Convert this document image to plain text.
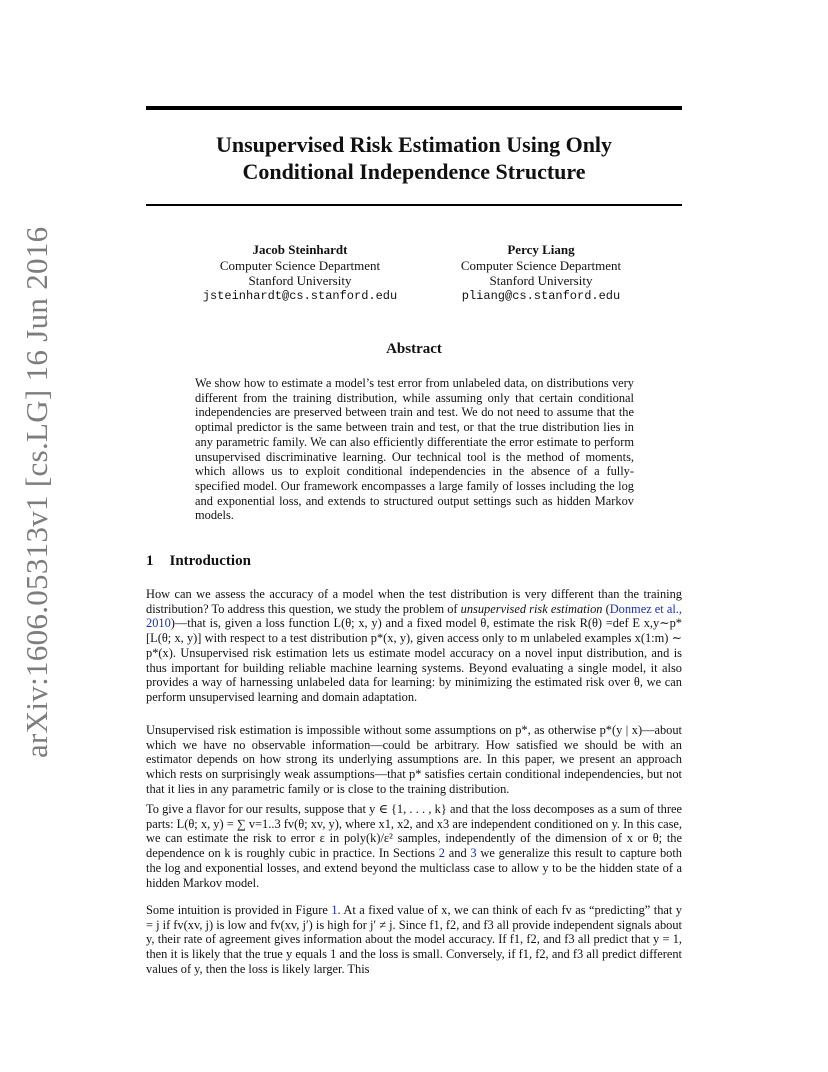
arXiv:1606.05313v1 [cs.LG] 16 Jun 2016
Unsupervised Risk Estimation Using Only
Conditional Independence Structure
Jacob Steinhardt
Computer Science Department
Stanford University
jsteinhardt@cs.stanford.edu
Percy Liang
Computer Science Department
Stanford University
pliang@cs.stanford.edu
Abstract
We show how to estimate a model’s test error from unlabeled data, on distributions very different from the training distribution, while assuming only that certain conditional independencies are preserved between train and test. We do not need to assume that the optimal predictor is the same between train and test, or that the true distribution lies in any parametric family. We can also efficiently differentiate the error estimate to perform unsupervised discriminative learning. Our technical tool is the method of moments, which allows us to exploit conditional independencies in the absence of a fully-specified model. Our framework encompasses a large family of losses including the log and exponential loss, and extends to structured output settings such as hidden Markov models.
1 Introduction
How can we assess the accuracy of a model when the test distribution is very different than the training distribution? To address this question, we study the problem of unsupervised risk estimation (Donmez et al., 2010)—that is, given a loss function L(θ; x, y) and a fixed model θ, estimate the risk R(θ) =def E x,y∼p* [L(θ; x, y)] with respect to a test distribution p*(x, y), given access only to m unlabeled examples x(1:m) ∼ p*(x). Unsupervised risk estimation lets us estimate model accuracy on a novel input distribution, and is thus important for building reliable machine learning systems. Beyond evaluating a single model, it also provides a way of harnessing unlabeled data for learning: by minimizing the estimated risk over θ, we can perform unsupervised learning and domain adaptation.
Unsupervised risk estimation is impossible without some assumptions on p*, as otherwise p*(y | x)—about which we have no observable information—could be arbitrary. How satisfied we should be with an estimator depends on how strong its underlying assumptions are. In this paper, we present an approach which rests on surprisingly weak assumptions—that p* satisfies certain conditional independencies, but not that it lies in any parametric family or is close to the training distribution.
To give a flavor for our results, suppose that y ∈ {1, . . . , k} and that the loss decomposes as a sum of three parts: L(θ; x, y) = ∑ v=1..3 fv(θ; xv, y), where x1, x2, and x3 are independent conditioned on y. In this case, we can estimate the risk to error ε in poly(k)/ε² samples, independently of the dimension of x or θ; the dependence on k is roughly cubic in practice. In Sections 2 and 3 we generalize this result to capture both the log and exponential losses, and extend beyond the multiclass case to allow y to be the hidden state of a hidden Markov model.
Some intuition is provided in Figure 1. At a fixed value of x, we can think of each fv as “predicting” that y = j if fv(xv, j) is low and fv(xv, j′) is high for j′ ≠ j. Since f1, f2, and f3 all provide independent signals about y, their rate of agreement gives information about the model accuracy. If f1, f2, and f3 all predict that y = 1, then it is likely that the true y equals 1 and the loss is small. Conversely, if f1, f2, and f3 all predict different values of y, then the loss is likely larger. This
